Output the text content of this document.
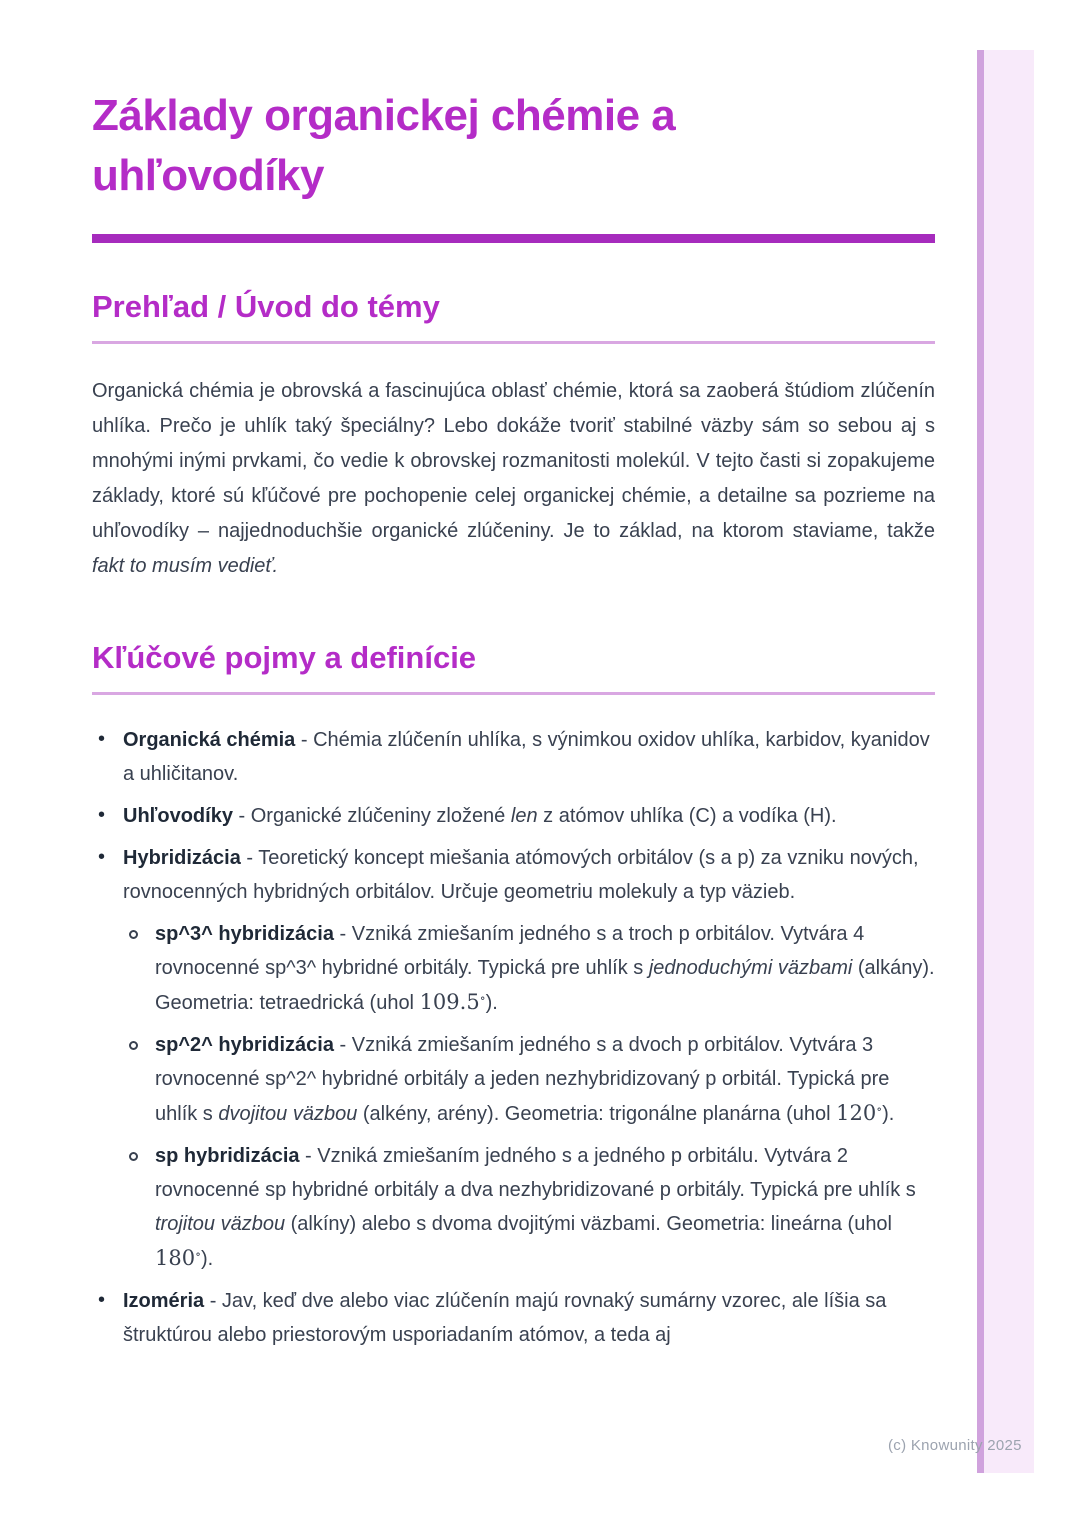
(c) Knowunity 2025
Základy organickej chémie a uhľovodíky
Prehľad / Úvod do témy

Organická chémia je obrovská a fascinujúca oblasť chémie, ktorá sa zaoberá štúdiom zlúčenín uhlíka. Prečo je uhlík taký špeciálny? Lebo dokáže tvoriť stabilné väzby sám so sebou aj s mnohými inými prvkami, čo vedie k obrovskej rozmanitosti molekúl. V tejto časti si zopakujeme základy, ktoré sú kľúčové pre pochopenie celej organickej chémie, a detailne sa pozrieme na uhľovodíky – najjednoduchšie organické zlúčeniny. Je to základ, na ktorom staviame, takže fakt to musím vedieť.

Kľúčové pojmy a definície
• Organická chémia - Chémia zlúčenín uhlíka, s výnimkou oxidov uhlíka, karbidov, kyanidov a uhličitanov.
• Uhľovodíky - Organické zlúčeniny zložené len z atómov uhlíka (C) a vodíka (H).
• Hybridizácia - Teoretický koncept miešania atómových orbitálov (s a p) za vzniku nových, rovnocenných hybridných orbitálov. Určuje geometriu molekuly a typ väzieb.
sp^3^ hybridizácia - Vzniká zmiešaním jedného s a troch p orbitálov. Vytvára 4 rovnocenné sp^3^ hybridné orbitály. Typická pre uhlík s jednoduchými väzbami (alkány). Geometria: tetraedrická (uhol 109.5∘).
sp^2^ hybridizácia - Vzniká zmiešaním jedného s a dvoch p orbitálov. Vytvára 3 rovnocenné sp^2^ hybridné orbitály a jeden nezhybridizovaný p orbitál. Typická pre uhlík s dvojitou väzbou (alkény, arény). Geometria: trigonálne planárna (uhol 120∘).
sp hybridizácia - Vzniká zmiešaním jedného s a jedného p orbitálu. Vytvára 2 rovnocenné sp hybridné orbitály a dva nezhybridizované p orbitály. Typická pre uhlík s trojitou väzbou (alkíny) alebo s dvoma dvojitými väzbami. Geometria: lineárna (uhol 180∘).
• Izoméria - Jav, keď dve alebo viac zlúčenín majú rovnaký sumárny vzorec, ale líšia sa štruktúrou alebo priestorovým usporiadaním atómov, a teda aj
